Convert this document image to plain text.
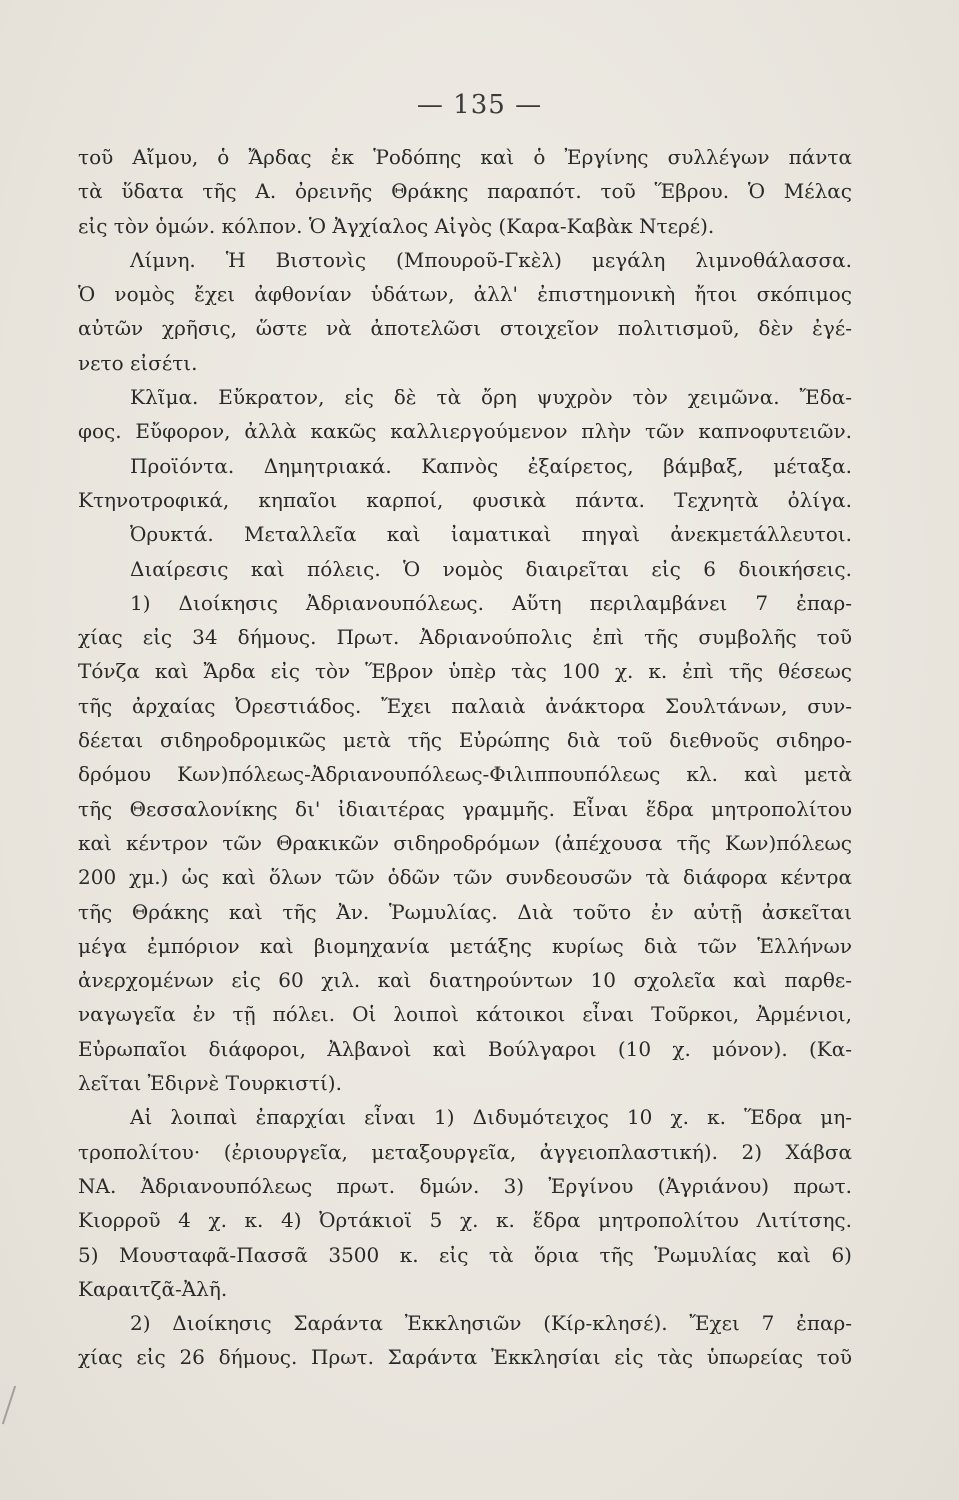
— 135 —
τοῦ Αἴμου, ὁ Ἄρδας ἐκ Ῥοδόπης καὶ ὁ Ἐργίνης συλλέγων πάντα
τὰ ὕδατα τῆς Α. ὀρεινῆς Θράκης παραπότ. τοῦ Ἕβρου. Ὁ Μέλας
εἰς τὸν ὁμών. κόλπον. Ὁ Ἀγχίαλος Αἰγὸς (Καρα-Καβὰκ Ντερέ).
Λίμνη. Ἡ Βιστονὶς (Μπουροῦ-Γκὲλ) μεγάλη λιμνοθάλασσα.
Ὁ νομὸς ἔχει ἀφθονίαν ὑδάτων, ἀλλ' ἐπιστημονικὴ ἤτοι σκόπιμος
αὐτῶν χρῆσις, ὥστε νὰ ἀποτελῶσι στοιχεῖον πολιτισμοῦ, δὲν ἐγέ-
νετο εἰσέτι.
Κλῖμα. Εὔκρατον, εἰς δὲ τὰ ὄρη ψυχρὸν τὸν χειμῶνα. Ἔδα-
φος. Εὔφορον, ἀλλὰ κακῶς καλλιεργούμενον πλὴν τῶν καπνοφυτειῶν.
Προϊόντα. Δημητριακά. Καπνὸς ἐξαίρετος, βάμβαξ, μέταξα.
Κτηνοτροφικά, κηπαῖοι καρποί, φυσικὰ πάντα. Τεχνητὰ ὀλίγα.
Ὀρυκτά. Μεταλλεῖα καὶ ἰαματικαὶ πηγαὶ ἀνεκμετάλλευτοι.
Διαίρεσις καὶ πόλεις. Ὁ νομὸς διαιρεῖται εἰς 6 διοικήσεις.
1) Διοίκησις Ἀδριανουπόλεως. Αὕτη περιλαμβάνει 7 ἐπαρ-
χίας εἰς 34 δήμους. Πρωτ. Ἀδριανούπολις ἐπὶ τῆς συμβολῆς τοῦ
Τόνζα καὶ Ἄρδα εἰς τὸν Ἕβρον ὑπὲρ τὰς 100 χ. κ. ἐπὶ τῆς θέσεως
τῆς ἀρχαίας Ὀρεστιάδος. Ἔχει παλαιὰ ἀνάκτορα Σουλτάνων, συν-
δέεται σιδηροδρομικῶς μετὰ τῆς Εὐρώπης διὰ τοῦ διεθνοῦς σιδηρο-
δρόμου Κων)πόλεως-Ἀδριανουπόλεως-Φιλιππουπόλεως κλ. καὶ μετὰ
τῆς Θεσσαλονίκης δι' ἰδιαιτέρας γραμμῆς. Εἶναι ἕδρα μητροπολίτου
καὶ κέντρον τῶν Θρακικῶν σιδηροδρόμων (ἀπέχουσα τῆς Κων)πόλεως
200 χμ.) ὡς καὶ ὅλων τῶν ὁδῶν τῶν συνδεουσῶν τὰ διάφορα κέντρα
τῆς Θράκης καὶ τῆς Ἀν. Ῥωμυλίας. Διὰ τοῦτο ἐν αὐτῇ ἀσκεῖται
μέγα ἐμπόριον καὶ βιομηχανία μετάξης κυρίως διὰ τῶν Ἑλλήνων
ἀνερχομένων εἰς 60 χιλ. καὶ διατηρούντων 10 σχολεῖα καὶ παρθε-
ναγωγεῖα ἐν τῇ πόλει. Οἱ λοιποὶ κάτοικοι εἶναι Τοῦρκοι, Ἀρμένιοι,
Εὐρωπαῖοι διάφοροι, Ἀλβανοὶ καὶ Βούλγαροι (10 χ. μόνον). (Κα-
λεῖται Ἐδιρνὲ Τουρκιστί).
Αἱ λοιπαὶ ἐπαρχίαι εἶναι 1) Διδυμότειχος 10 χ. κ. Ἕδρα μη-
τροπολίτου· (ἐριουργεῖα, μεταξουργεῖα, ἀγγειοπλαστική). 2) Χάβσα
ΝΑ. Ἀδριανουπόλεως πρωτ. δμών. 3) Ἐργίνου (Ἀγριάνου) πρωτ.
Κιορροῦ 4 χ. κ. 4) Ὀρτάκιοϊ 5 χ. κ. ἕδρα μητροπολίτου Λιτίτσης.
5) Μουσταφᾶ-Πασσᾶ 3500 κ. εἰς τὰ ὅρια τῆς Ῥωμυλίας καὶ 6)
Καραιτζᾶ-Ἀλῆ.
2) Διοίκησις Σαράντα Ἐκκλησιῶν (Κίρ-κλησέ). Ἔχει 7 ἐπαρ-
χίας εἰς 26 δήμους. Πρωτ. Σαράντα Ἐκκλησίαι εἰς τὰς ὑπωρείας τοῦ
